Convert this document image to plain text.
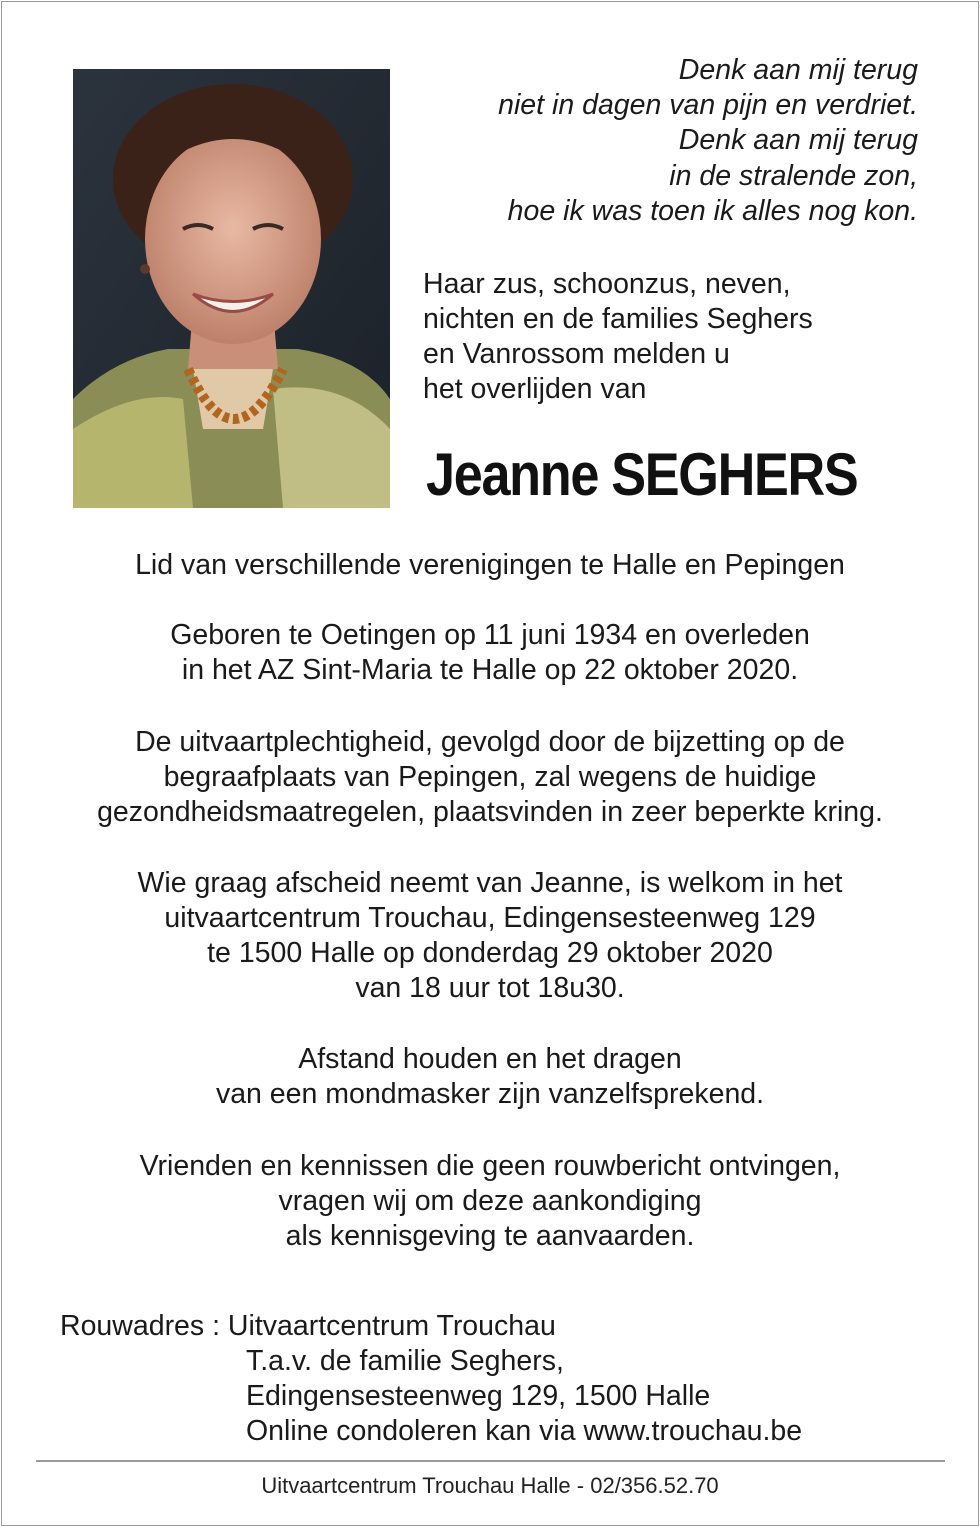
Denk aan mij terug
niet in dagen van pijn en verdriet.
Denk aan mij terug
in de stralende zon,
hoe ik was toen ik alles nog kon.
Haar zus, schoonzus, neven,
nichten en de families Seghers
en Vanrossom melden u
het overlijden van
Jeanne SEGHERS
Lid van verschillende verenigingen te Halle en Pepingen
Geboren te Oetingen op 11 juni 1934 en overleden
in het AZ Sint-Maria te Halle op 22 oktober 2020.
De uitvaartplechtigheid, gevolgd door de bijzetting op de
begraafplaats van Pepingen, zal wegens de huidige
gezondheidsmaatregelen, plaatsvinden in zeer beperkte kring.
Wie graag afscheid neemt van Jeanne, is welkom in het
uitvaartcentrum Trouchau, Edingensesteenweg 129
te 1500 Halle op donderdag 29 oktober 2020
van 18 uur tot 18u30.
Afstand houden en het dragen
van een mondmasker zijn vanzelfsprekend.
Vrienden en kennissen die geen rouwbericht ontvingen,
vragen wij om deze aankondiging
als kennisgeving te aanvaarden.
Rouwadres : Uitvaartcentrum Trouchau
T.a.v. de familie Seghers,
Edingensesteenweg 129, 1500 Halle
Online condoleren kan via www.trouchau.be
Uitvaartcentrum Trouchau Halle - 02/356.52.70
